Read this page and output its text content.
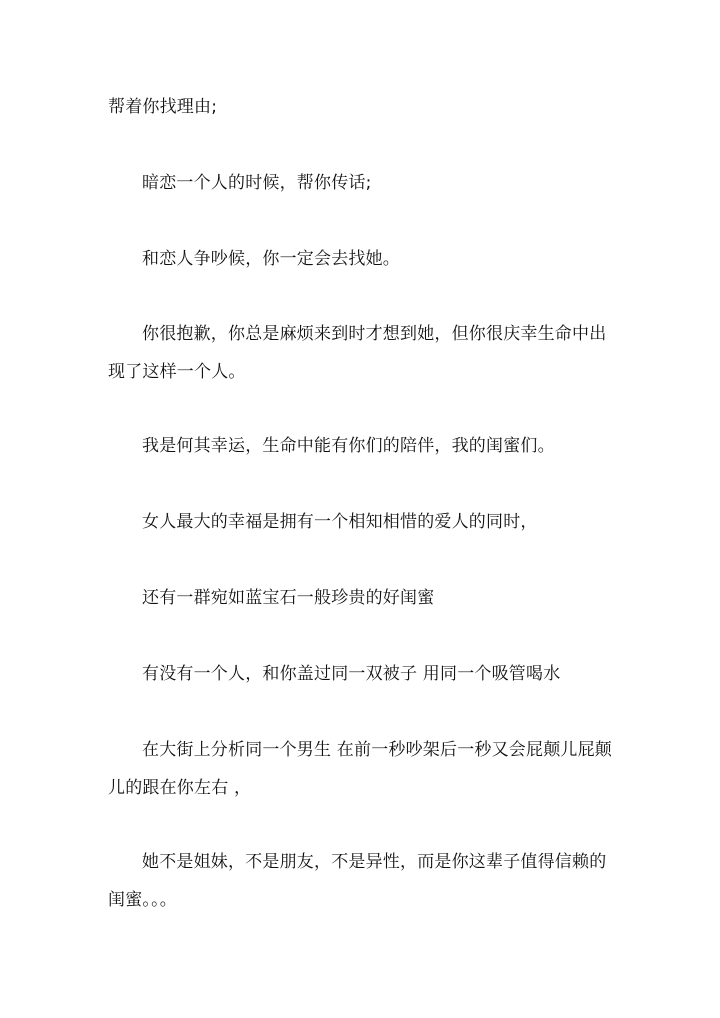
帮着你找理由;

暗恋一个人的时候，帮你传话;

和恋人争吵候，你一定会去找她。

你很抱歉，你总是麻烦来到时才想到她，但你很庆幸生命中出现了这样一个人。

我是何其幸运，生命中能有你们的陪伴，我的闺蜜们。

女人最大的幸福是拥有一个相知相惜的爱人的同时，

还有一群宛如蓝宝石一般珍贵的好闺蜜

有没有一个人，和你盖过同一双被子 用同一个吸管喝水

在大街上分析同一个男生 在前一秒吵架后一秒又会屁颠儿屁颠儿的跟在你左右 ，

她不是姐妹，不是朋友，不是异性，而是你这辈子值得信赖的闺蜜。。。
